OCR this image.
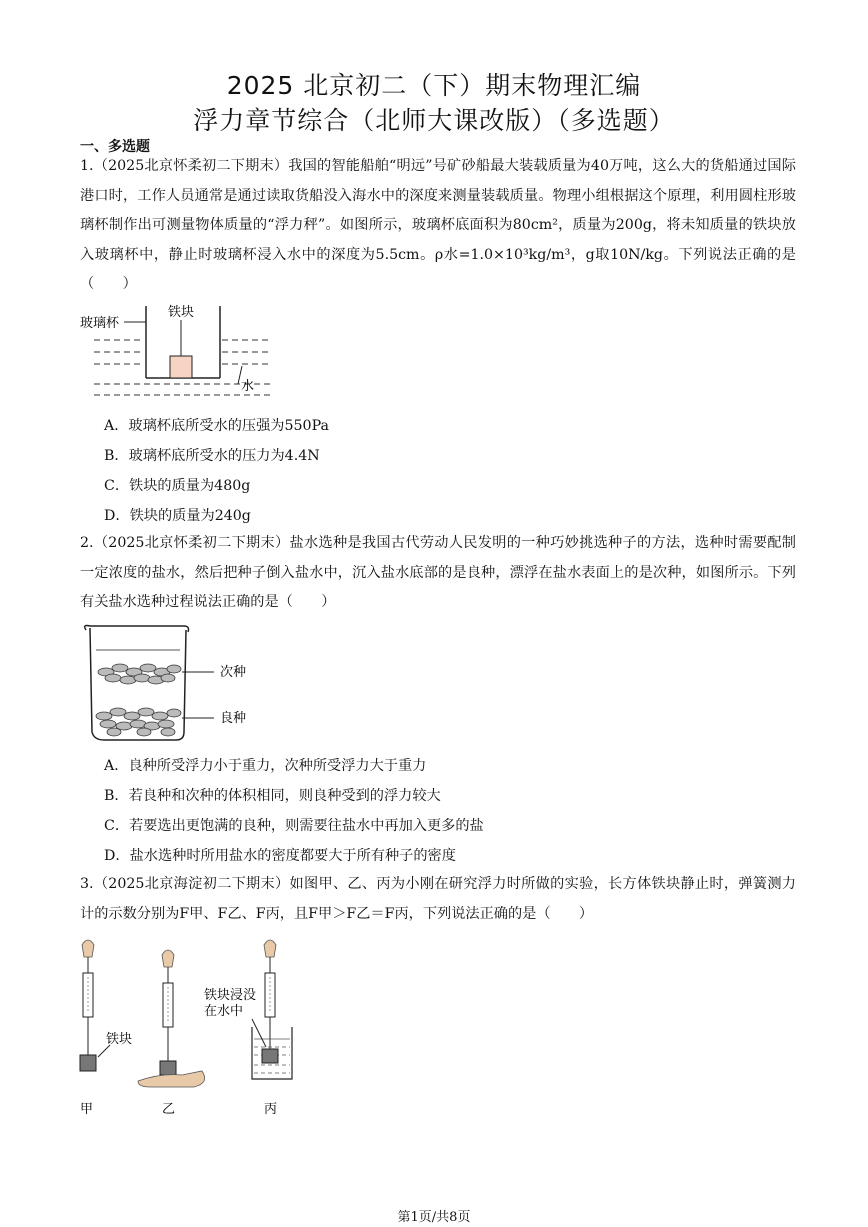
2025 北京初二（下）期末物理汇编
浮力章节综合（北师大课改版）（多选题）
一、多选题
1.（2025北京怀柔初二下期末）我国的智能船舶“明远”号矿砂船最大装载质量为40万吨，这么大的货船通过国际港口时，工作人员通常是通过读取货船没入海水中的深度来测量装载质量。物理小组根据这个原理，利用圆柱形玻璃杯制作出可测量物体质量的“浮力秤”。如图所示，玻璃杯底面积为80cm²，质量为200g，将未知质量的铁块放入玻璃杯中，静止时玻璃杯浸入水中的深度为5.5cm。ρ水=1.0×10³kg/m³，g取10N/kg。下列说法正确的是（　　）
玻璃杯
铁块
水
A．玻璃杯底所受水的压强为550Pa
B．玻璃杯底所受水的压力为4.4N
C．铁块的质量为480g
D．铁块的质量为240g
2.（2025北京怀柔初二下期末）盐水选种是我国古代劳动人民发明的一种巧妙挑选种子的方法，选种时需要配制一定浓度的盐水，然后把种子倒入盐水中，沉入盐水底部的是良种，漂浮在盐水表面上的是次种，如图所示。下列有关盐水选种过程说法正确的是（　　）
次种
良种
A．良种所受浮力小于重力，次种所受浮力大于重力
B．若良种和次种的体积相同，则良种受到的浮力较大
C．若要选出更饱满的良种，则需要往盐水中再加入更多的盐
D．盐水选种时所用盐水的密度都要大于所有种子的密度
3.（2025北京海淀初二下期末）如图甲、乙、丙为小刚在研究浮力时所做的实验，长方体铁块静止时，弹簧测力计的示数分别为F甲、F乙、F丙，且F甲＞F乙＝F丙，下列说法正确的是（　　）
铁块
甲	乙
铁块浸没
在水中
丙
第1页/共8页
